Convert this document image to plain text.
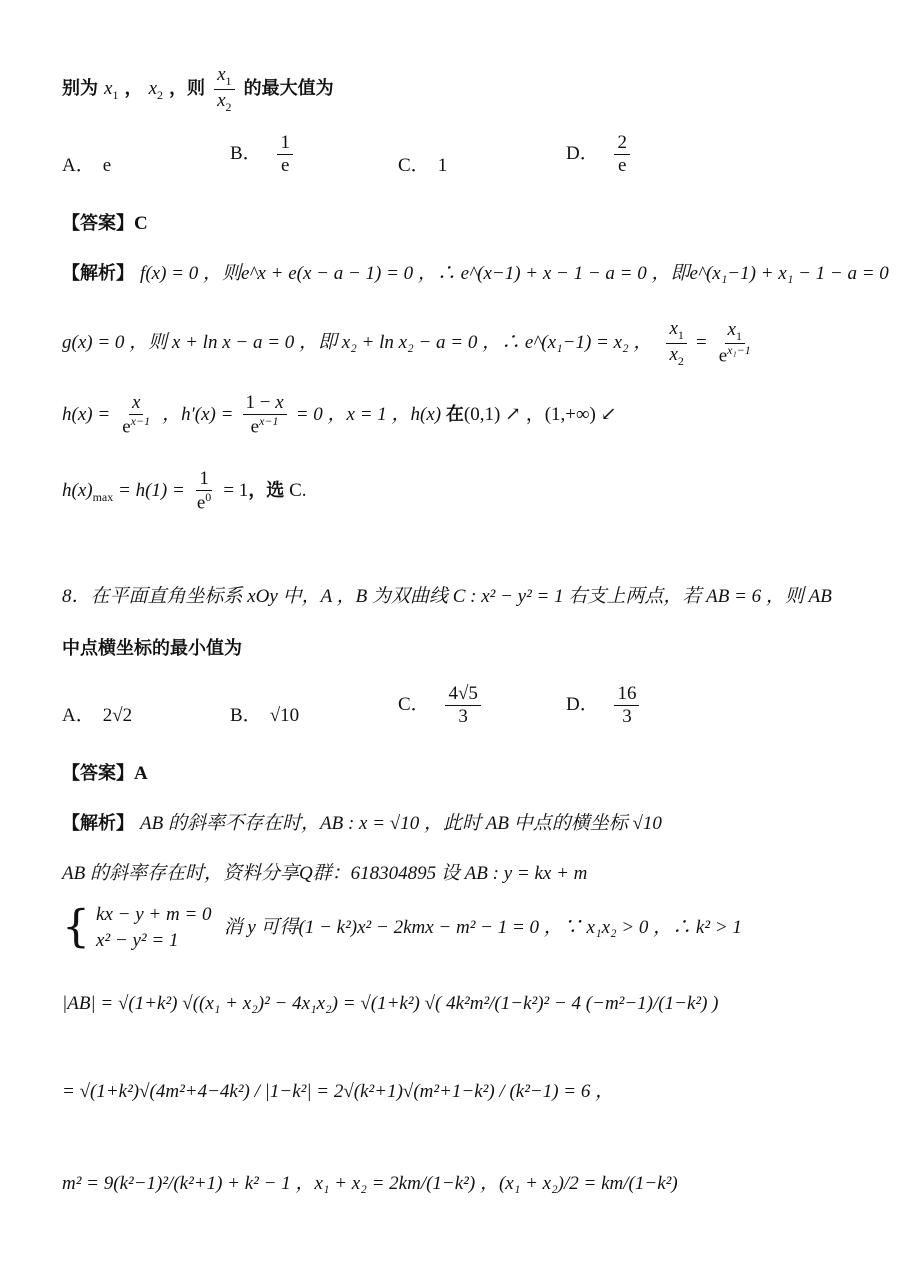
别为 $x_1$ ， $x_2$ ，则 $\frac{x_1}{x_2}$ 的最大值为
A． e
B． $\frac{1}{e}$	C． 1
D． $\frac{2}{e}$
【答案】C
【解析】 f(x) = 0 ，则e^x + e(x − a − 1) = 0 ，∴ e^(x−1) + x − 1 − a = 0 ，即e^(x₁−1) + x₁ − 1 − a = 0
g(x) = 0 ，则 x + ln x − a = 0 ，即 x₂ + ln x₂ − a = 0 ，∴ e^(x₁−1) = x₂ ， $\frac{x_1}{x_2} = \frac{x_1}{e^{x_1-1}}$
$h(x) = \frac{x}{e^{x-1}}$ ，$h'(x) = \frac{1 - x}{e^{x-1}} = 0$ ，x = 1 ，h(x) 在(0,1) ↗ ，(1,+∞) ↙
$h(x)_{max} = h(1) = \frac{1}{e^0} = 1$，选 C.
8．在平面直角坐标系 xOy 中，A ，B 为双曲线 C : x² − y² = 1 右支上两点，若 AB = 6 ，则 AB
中点横坐标的最小值为
A． 2√2	B． √10
C． $\frac{4√5}{3}$	D． $\frac{16}{3}$
【答案】A
【解析】 AB 的斜率不存在时，AB : x = √10 ，此时 AB 中点的横坐标 √10
AB 的斜率存在时，资料分享Q群：618304895 设 AB : y = kx + m
{ kx − y + m = 0
x² − y² = 1
消 y 可得(1 − k²)x² − 2kmx − m² − 1 = 0 ，∵ x₁x₂ > 0 ，∴ k² > 1
|AB| = √(1+k²) √((x₁ + x₂)² − 4x₁x₂) = √(1+k²) √( 4k²m²/(1−k²)² − 4 (−m²−1)/(1−k²) )
= √(1+k²)√(4m²+4−4k²) / |1−k²| = 2√(k²+1)√(m²+1−k²) / (k²−1) = 6 ，
m² = 9(k²−1)²/(k²+1) + k² − 1 ，x₁ + x₂ = 2km/(1−k²) ，(x₁ + x₂)/2 = km/(1−k²)
